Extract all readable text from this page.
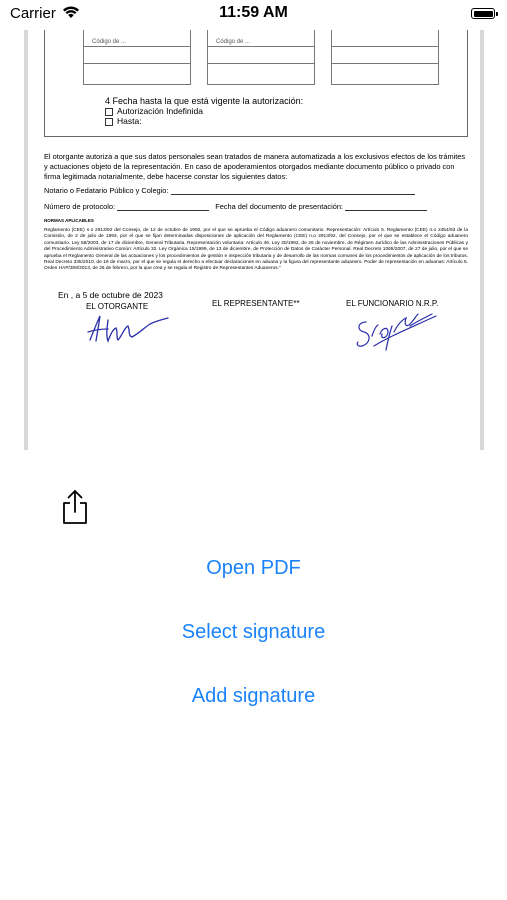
Carrier	11:59 AM
Código de ...	Código de ...
4 Fecha hasta la que está vigente la autorización:
Autorización Indefinida
Hasta:
El otorgante autoriza a que sus datos personales sean tratados de manera automatizada a los exclusivos efectos de los trámites y actuaciones objeto de la representación. En caso de apoderamientos otorgados mediante documento público o privado con firma legitimada notarialmente, debe hacerse constar los siguientes datos:
Notario o Fedatario Público y Colegio:
Número de protocolo:	Fecha del documento de presentación:
NORMAS APLICABLES
Reglamento (CEE) n.o 2913/92 del Consejo, de 12 de octubre de 1992, por el que se aprueba el Código aduanero comunitario. Representación: Artículo 5. Reglamento (CEE) n.o 2454/93 de la Comisión, de 2 de julio de 1993, por el que se fijan determinadas disposiciones de aplicación del Reglamento (CEE) n.o 2913/92, del Consejo, por el que se establece el Código aduanero comunitario. Ley 58/2003, de 17 de diciembre, General Tributaria. Representación voluntaria: Artículo 46. Ley 30/1992, de 26 de noviembre, de Régimen Jurídico de las Administraciones Públicas y del Procedimiento Administrativo Común: Artículo 32. Ley Orgánica 15/1999, de 13 de diciembre, de Protección de Datos de Carácter Personal. Real Decreto 1065/2007, de 27 de julio, por el que se aprueba el Reglamento General de las actuaciones y los procedimientos de gestión e inspección tributaria y de desarrollo de las normas comunes de los procedimientos de aplicación de los tributos. Real Decreto 335/2010, de 19 de marzo, por el que se regula el derecho a efectuar declaraciones en aduana y la figura del representante aduanero. Poder de representación en aduanas: Artículo 5. Orden HAP/308/2013, de 26 de febrero, por la que crea y se regula el Registro de Representantes Aduaneros."
En , a 5 de octubre de 2023
EL OTORGANTE	EL REPRESENTANTE**	EL FUNCIONARIO N.R.P.
Open PDF
Select signature
Add signature
